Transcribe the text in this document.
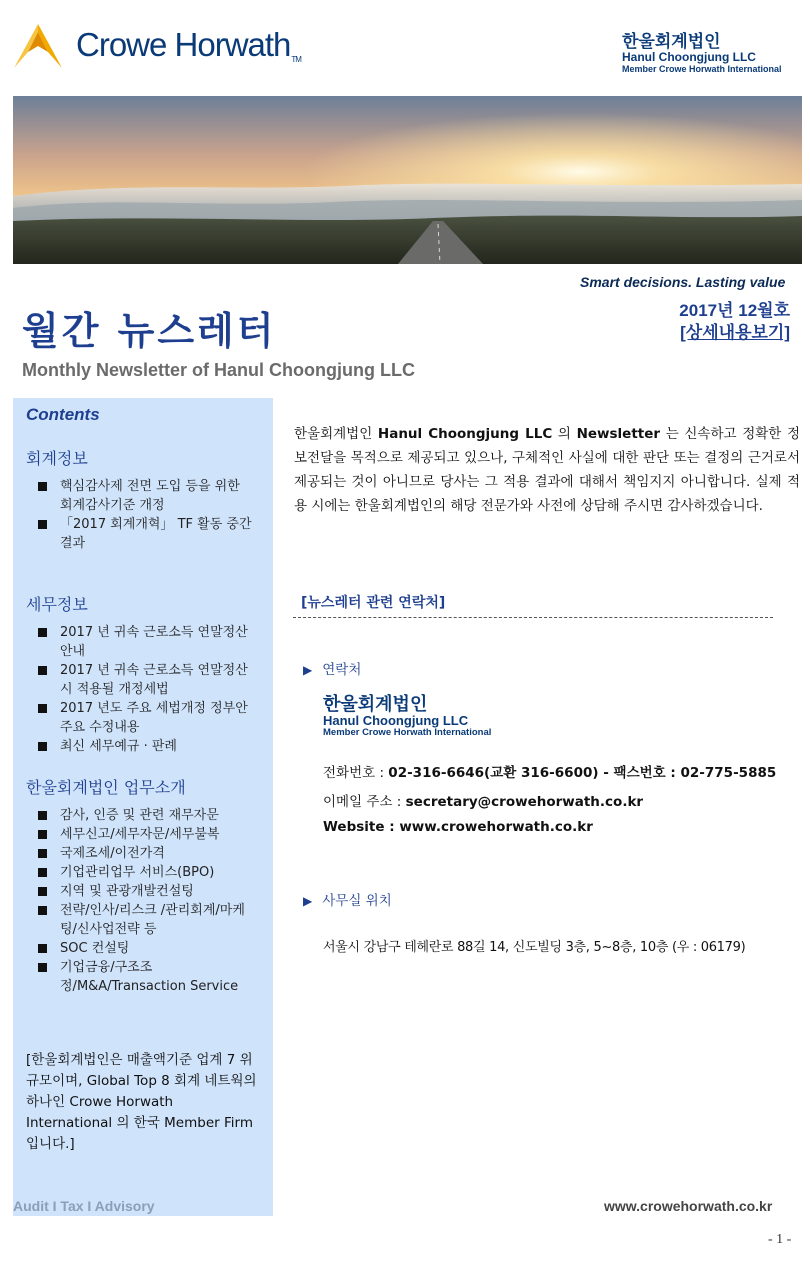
Crowe HorwathTM
한울회계법인
Hanul Choongjung LLC
Member Crowe Horwath International
Smart decisions. Lasting value
월간 뉴스레터	2017년 12월호
[상세내용보기]
Monthly Newsletter of Hanul Choongjung LLC
Contents
회계정보
핵심감사제 전면 도입 등을 위한 회계감사기준 개정
「2017 회계개혁」 TF 활동 중간 결과
세무정보
2017 년 귀속 근로소득 연말정산 안내
2017 년 귀속 근로소득 연말정산 시 적용될 개정세법
2017 년도 주요 세법개정 정부안 주요 수정내용
최신 세무예규 · 판례
한울회계법인 업무소개
감사, 인증 및 관련 재무자문
세무신고/세무자문/세무불복
국제조세/이전가격
기업관리업무 서비스(BPO)
지역 및 관광개발컨설팅
전략/인사/리스크 /관리회계/마케팅/신사업전략 등
SOC 컨설팅
기업금융/구조조정/M&A/Transaction Service
[한울회계법인은 매출액기준 업계 7 위 규모이며, Global Top 8 회계 네트웍의 하나인 Crowe Horwath International 의 한국 Member Firm 입니다.]
Audit I Tax I Advisory
한울회계법인 Hanul Choongjung LLC 의 Newsletter 는 신속하고 정확한 정보전달을 목적으로 제공되고 있으나, 구체적인 사실에 대한 판단 또는 결정의 근거로서 제공되는 것이 아니므로 당사는 그 적용 결과에 대해서 책임지지 아니합니다. 실제 적용 시에는 한울회계법인의 해당 전문가와 사전에 상담해 주시면 감사하겠습니다.
[뉴스레터 관련 연락처]
▶ 연락처
한울회계법인
Hanul Choongjung LLC
Member Crowe Horwath International
전화번호 : 02-316-6646(교환 316-6600) - 팩스번호 : 02-775-5885
이메일 주소 : secretary@crowehorwath.co.kr
Website : www.crowehorwath.co.kr
▶ 사무실 위치
서울시 강남구 테헤란로 88길 14, 신도빌딩 3층, 5~8층, 10층 (우 : 06179)
www.crowehorwath.co.kr
- 1 -
